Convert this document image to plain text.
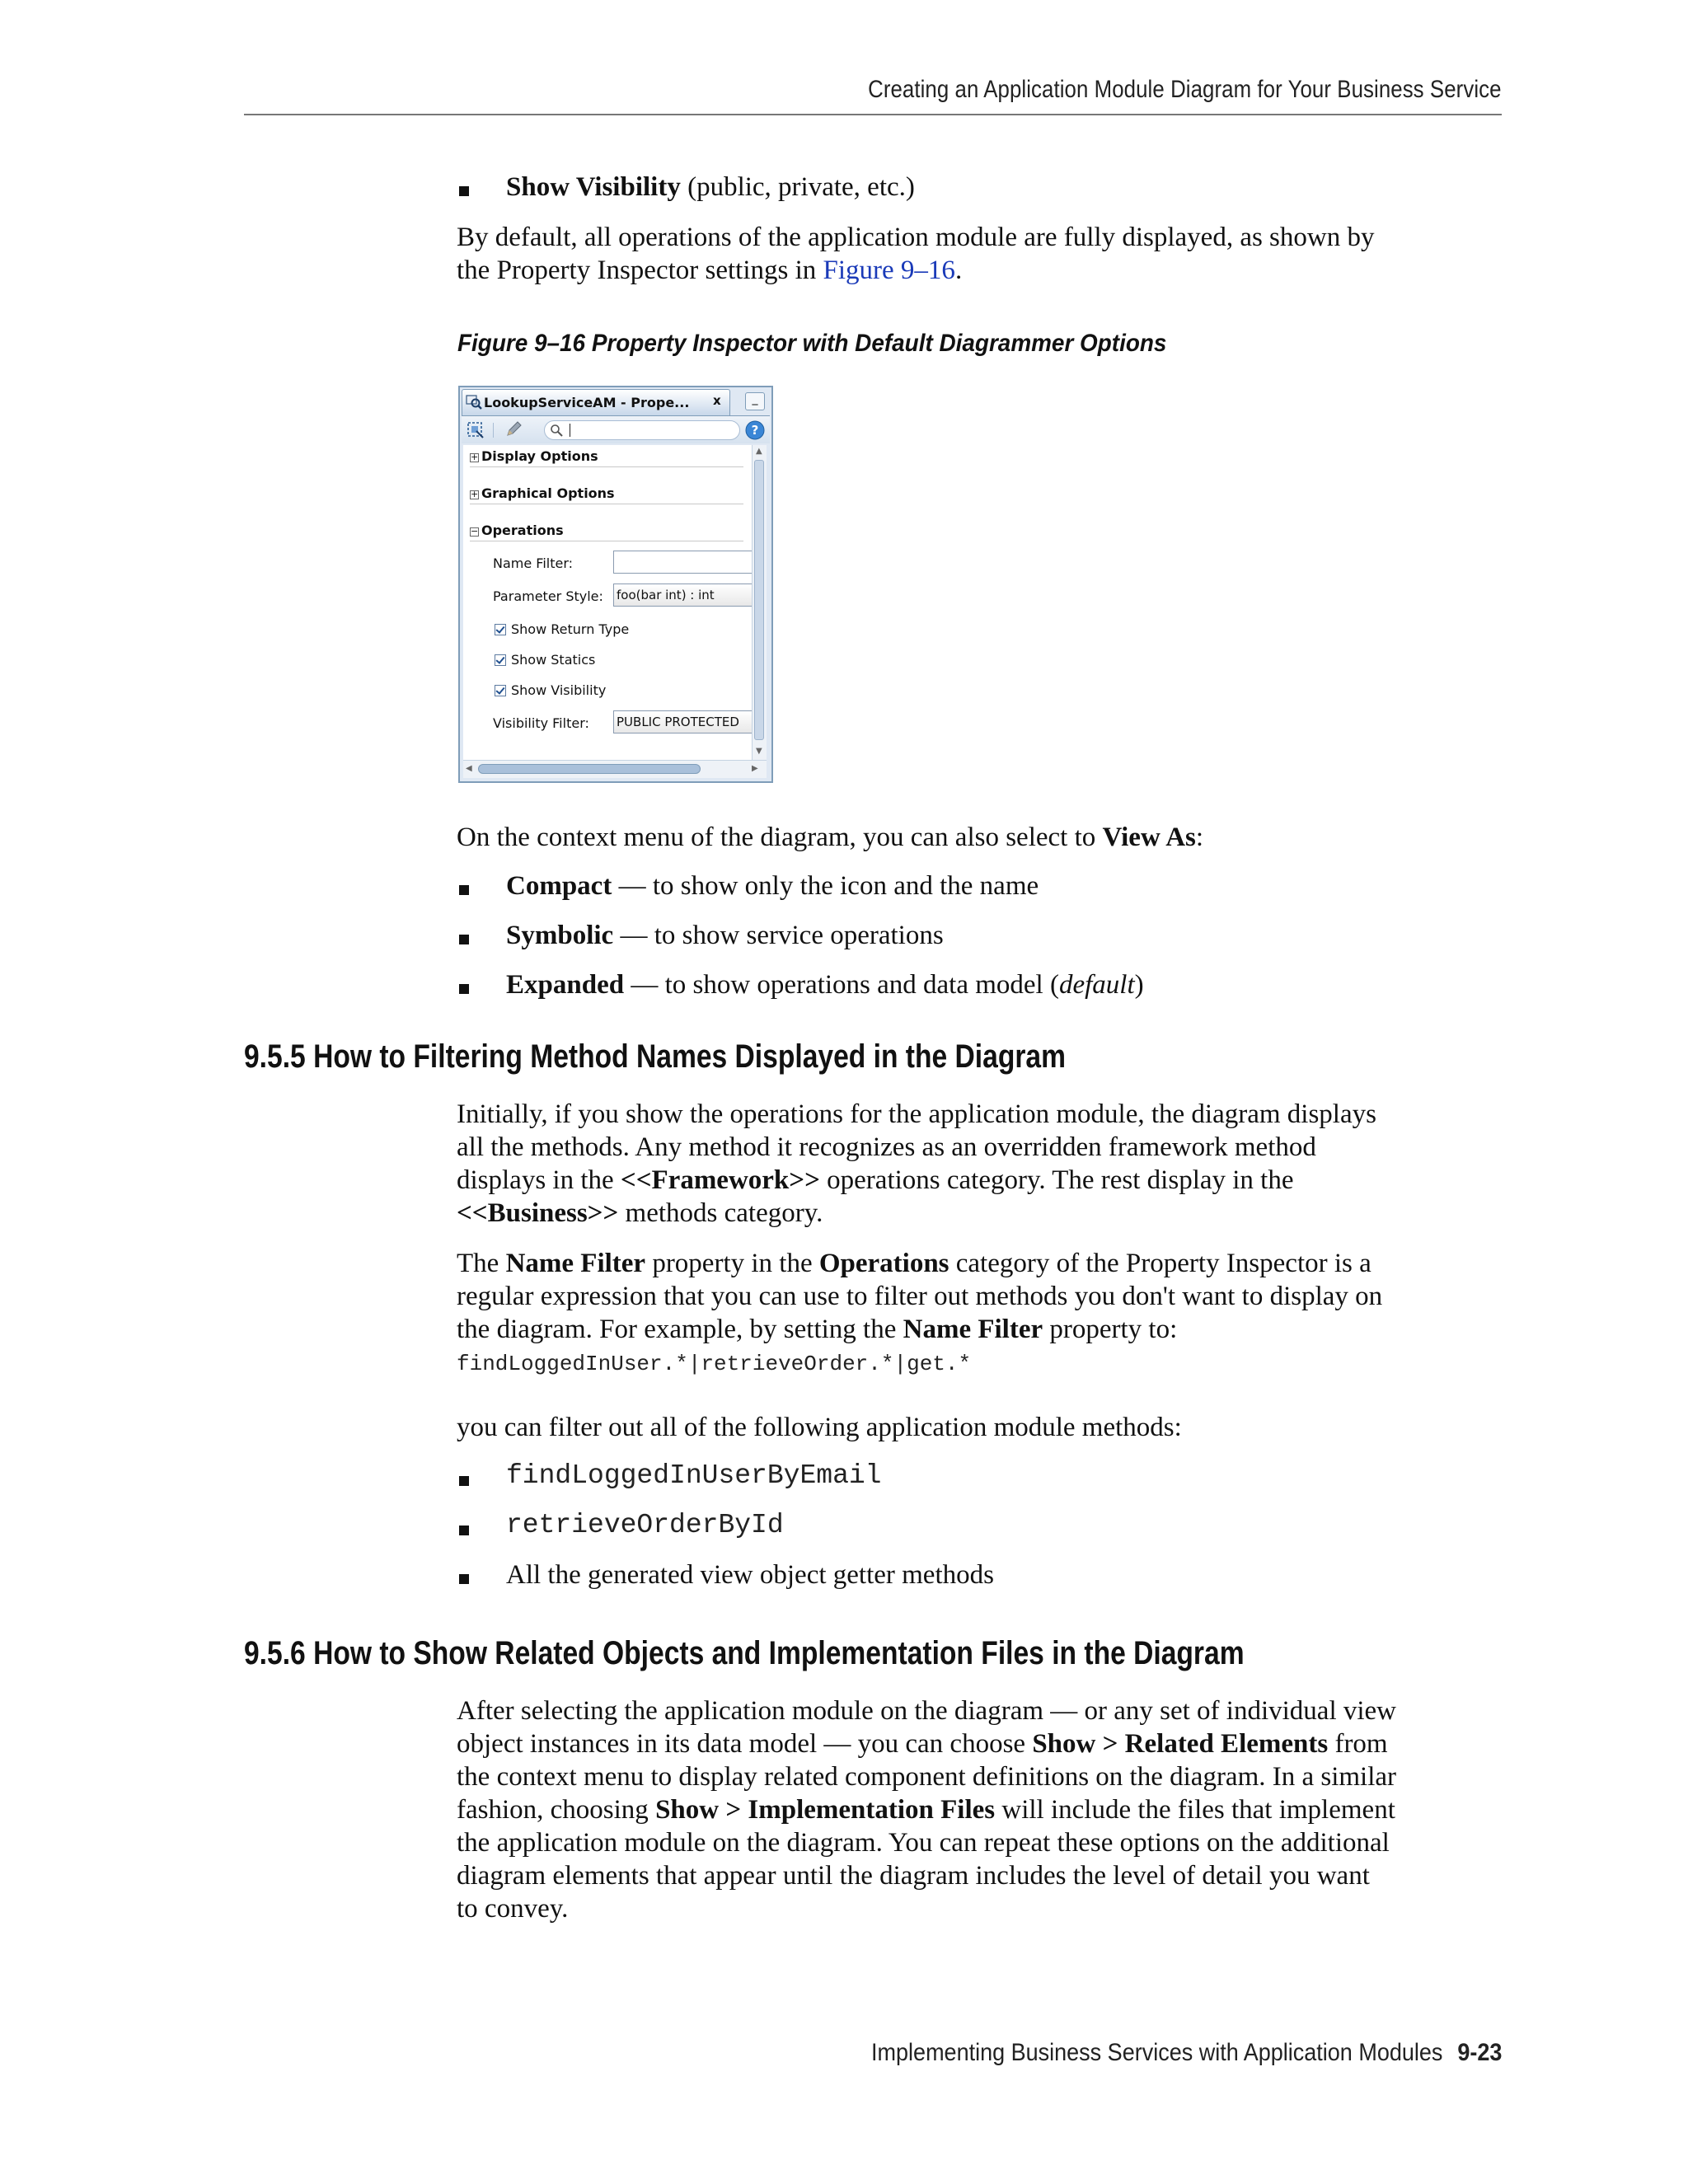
Creating an Application Module Diagram for Your Business Service
Show Visibility (public, private, etc.)
By default, all operations of the application module are fully displayed, as shown by
the Property Inspector settings in Figure 9–16.
Figure 9–16 Property Inspector with Default Diagrammer Options
LookupServiceAM - Prope... x	_
?
+ Display Options
+ Graphical Options
− Operations
Name Filter:
Parameter Style: foo(bar int) : int
Show Return Type
Show Statics
Show Visibility
Visibility Filter: PUBLIC PROTECTED
▲
▼
◀	▶
On the context menu of the diagram, you can also select to View As:
Compact — to show only the icon and the name
Symbolic — to show service operations
Expanded — to show operations and data model (default)
9.5.5 How to Filtering Method Names Displayed in the Diagram
Initially, if you show the operations for the application module, the diagram displays
all the methods. Any method it recognizes as an overridden framework method
displays in the <<Framework>> operations category. The rest display in the
<<Business>> methods category.
The Name Filter property in the Operations category of the Property Inspector is a
regular expression that you can use to filter out methods you don't want to display on
the diagram. For example, by setting the Name Filter property to:
findLoggedInUser.*|retrieveOrder.*|get.*
you can filter out all of the following application module methods:
findLoggedInUserByEmail
retrieveOrderById
All the generated view object getter methods
9.5.6 How to Show Related Objects and Implementation Files in the Diagram
After selecting the application module on the diagram — or any set of individual view
object instances in its data model — you can choose Show > Related Elements from
the context menu to display related component definitions on the diagram. In a similar
fashion, choosing Show > Implementation Files will include the files that implement
the application module on the diagram. You can repeat these options on the additional
diagram elements that appear until the diagram includes the level of detail you want
to convey.
Implementing Business Services with Application Modules 9-23
